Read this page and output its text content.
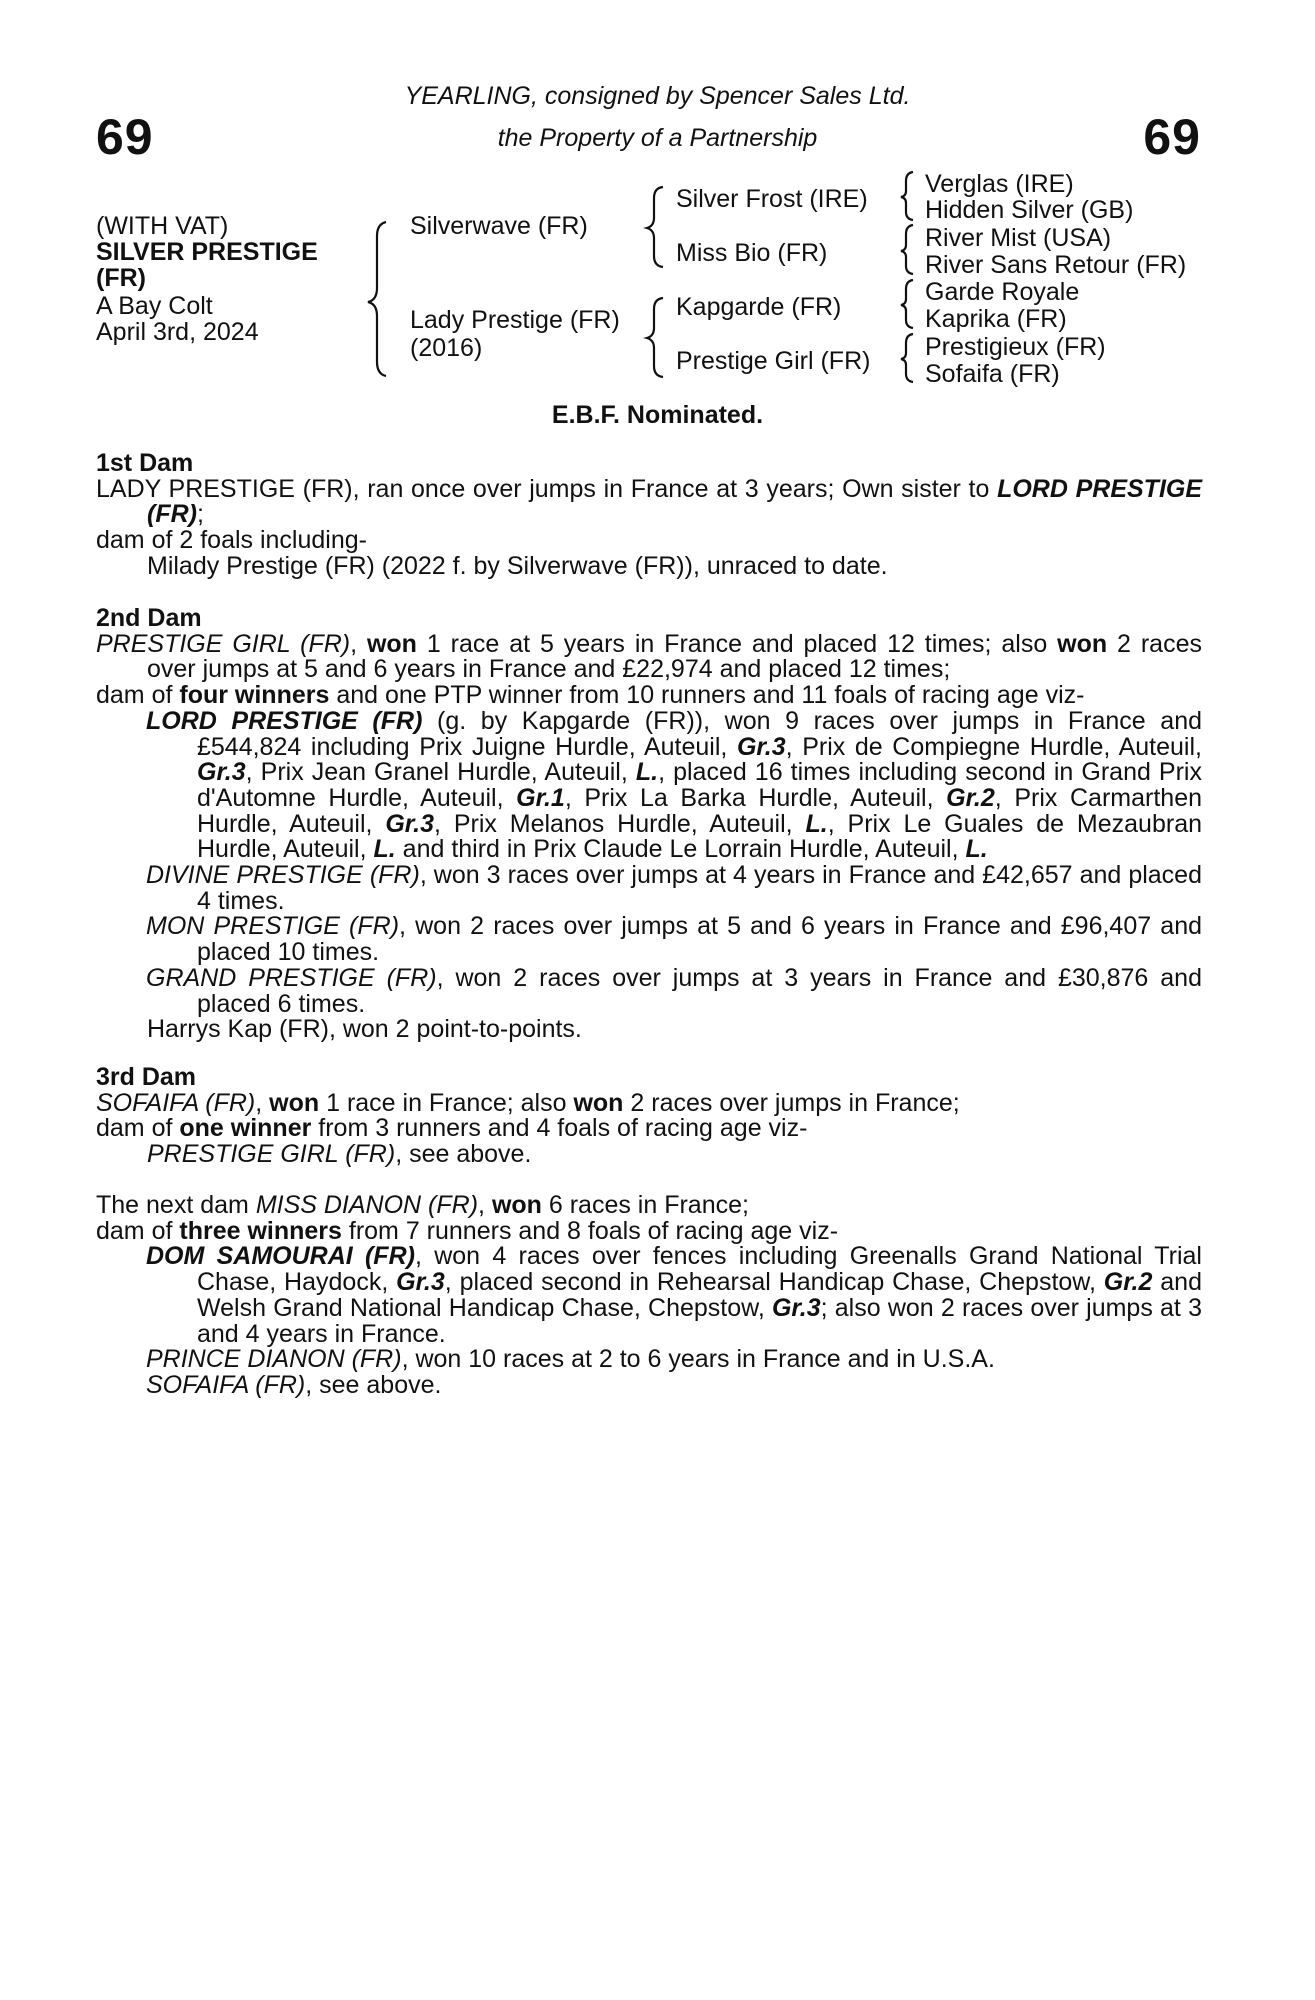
69	69
YEARLING, consigned by Spencer Sales Ltd.
the Property of a Partnership
(WITH VAT)
SILVER PRESTIGE
(FR)
A Bay Colt
April 3rd, 2024
Silverwave (FR)
Lady Prestige (FR)
(2016)
Silver Frost (IRE)
Miss Bio (FR)
Kapgarde (FR)
Prestige Girl (FR)
Verglas (IRE)
Hidden Silver (GB)
River Mist (USA)
River Sans Retour (FR)
Garde Royale
Kaprika (FR)
Prestigieux (FR)
Sofaifa (FR)
E.B.F. Nominated.
1st Dam
LADY PRESTIGE (FR), ran once over jumps in France at 3 years; Own sister to LORD PRESTIGE (FR);
dam of 2 foals including-
Milady Prestige (FR) (2022 f. by Silverwave (FR)), unraced to date.
2nd Dam
PRESTIGE GIRL (FR), won 1 race at 5 years in France and placed 12 times; also won 2 races over jumps at 5 and 6 years in France and £22,974 and placed 12 times;
dam of four winners and one PTP winner from 10 runners and 11 foals of racing age viz-
LORD PRESTIGE (FR) (g. by Kapgarde (FR)), won 9 races over jumps in France and £544,824 including Prix Juigne Hurdle, Auteuil, Gr.3, Prix de Compiegne Hurdle, Auteuil, Gr.3, Prix Jean Granel Hurdle, Auteuil, L., placed 16 times including second in Grand Prix d'Automne Hurdle, Auteuil, Gr.1, Prix La Barka Hurdle, Auteuil, Gr.2, Prix Carmarthen Hurdle, Auteuil, Gr.3, Prix Melanos Hurdle, Auteuil, L., Prix Le Guales de Mezaubran Hurdle, Auteuil, L. and third in Prix Claude Le Lorrain Hurdle, Auteuil, L.
DIVINE PRESTIGE (FR), won 3 races over jumps at 4 years in France and £42,657 and placed 4 times.
MON PRESTIGE (FR), won 2 races over jumps at 5 and 6 years in France and £96,407 and placed 10 times.
GRAND PRESTIGE (FR), won 2 races over jumps at 3 years in France and £30,876 and placed 6 times.
Harrys Kap (FR), won 2 point-to-points.
3rd Dam
SOFAIFA (FR), won 1 race in France; also won 2 races over jumps in France;
dam of one winner from 3 runners and 4 foals of racing age viz-
PRESTIGE GIRL (FR), see above.
The next dam MISS DIANON (FR), won 6 races in France;
dam of three winners from 7 runners and 8 foals of racing age viz-
DOM SAMOURAI (FR), won 4 races over fences including Greenalls Grand National Trial Chase, Haydock, Gr.3, placed second in Rehearsal Handicap Chase, Chepstow, Gr.2 and Welsh Grand National Handicap Chase, Chepstow, Gr.3; also won 2 races over jumps at 3 and 4 years in France.
PRINCE DIANON (FR), won 10 races at 2 to 6 years in France and in U.S.A.
SOFAIFA (FR), see above.
